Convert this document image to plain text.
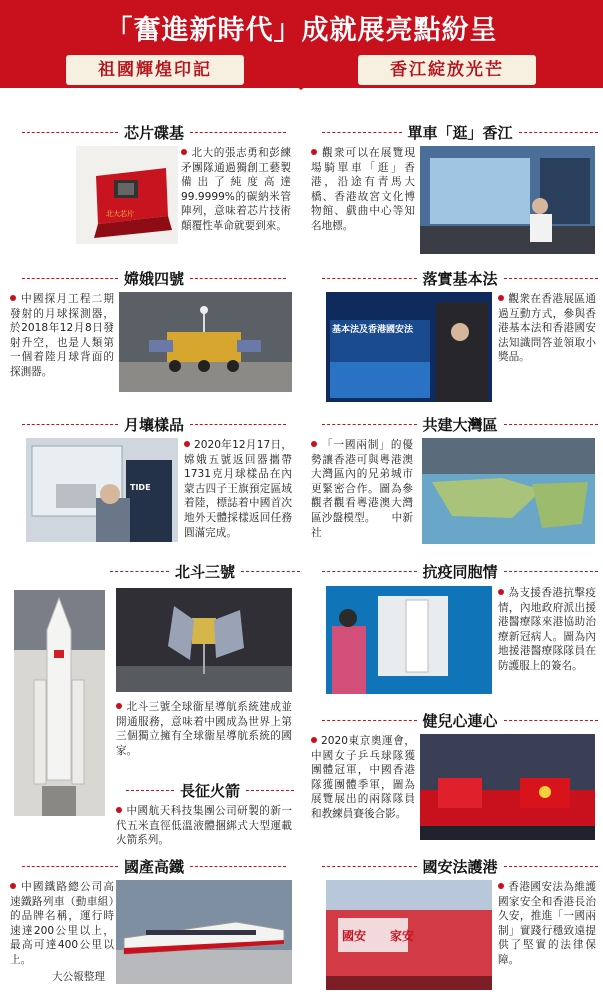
「奮進新時代」成就展亮點紛呈
祖國輝煌印記	香江綻放光芒
芯片碟基
北大芯片
北大的張志勇和彭練矛團隊通過獨創工藝製備出了純度高達99.9999%的碳納米管陣列，意味着芯片技術顛覆性革命就要到來。
嫦娥四號
中國探月工程二期發射的月球探測器，於2018年12月8日發射升空，也是人類第一個着陸月球背面的探測器。
月壤樣品
TIDE
2020年12月17日，嫦娥五號返回器攜帶1731克月球樣品在內蒙古四子王旗預定區域着陸，標誌着中國首次地外天體採樣返回任務圓滿完成。
北斗三號
北斗三號全球衞星導航系統建成並開通服務，意味着中國成為世界上第三個獨立擁有全球衞星導航系統的國家。
長征火箭
中國航天科技集團公司研製的新一代五米直徑低溫液體捆綁式大型運載火箭系列。
國產高鐵
中國鐵路總公司高速鐵路列車（動車組）的品牌名稱，運行時速達200公里以上，最高可達400公里以上。
大公報整理
單車「逛」香江
觀衆可以在展覽現場騎單車「逛」香港，沿途有青馬大橋、香港故宮文化博物館、戲曲中心等知名地標。
落實基本法
基本法及香港國安法
觀衆在香港展區通過互動方式，參與香港基本法和香港國安法知識問答並領取小獎品。
共建大灣區
「一國兩制」的優勢讓香港可與粵港澳大灣區內的兄弟城市更緊密合作。圖為參觀者觀看粵港澳大灣區沙盤模型。　　中新社
抗疫同胞情
為支援香港抗擊疫情，內地政府派出援港醫療隊來港協助治療新冠病人。圖為內地援港醫療隊隊員在防護服上的簽名。
健兒心連心
2020東京奧運會，中國女子乒乓球隊獲團體冠軍，中國香港隊獲團體季軍，圖為展覽展出的兩隊隊員和教練員賽後合影。
國安法護港
國安　　家安
香港國安法為維護國家安全和香港長治久安，推進「一國兩制」實踐行穩致遠提供了堅實的法律保障。
